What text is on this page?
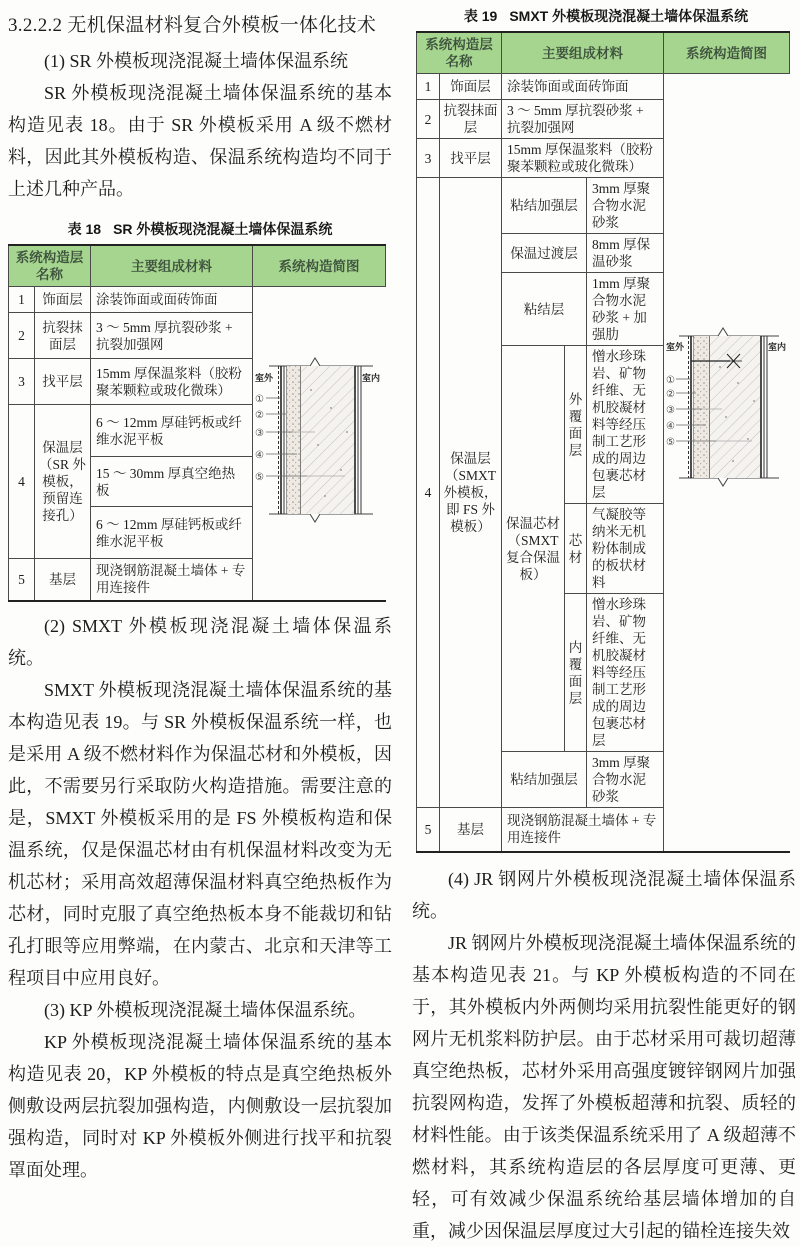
3.2.2.2 无机保温材料复合外模板一体化技术

(1) SR 外模板现浇混凝土墙体保温系统

SR 外模板现浇混凝土墙体保温系统的基本构造见表 18。由于 SR 外模板采用 A 级不燃材料，因此其外模板构造、保温系统构造均不同于上述几种产品。

表 18 SR 外模板现浇混凝土墙体保温系统
系统构造层名称		主要组成材料	系统构造简图
1	饰面层	涂装饰面或面砖饰面	
室外	室内
①
②
③
④
⑤

2	抗裂抹面层	3 ～ 5mm 厚抗裂砂浆 + 抗裂加强网	
3	找平层	15mm 厚保温浆料（胶粉聚苯颗粒或玻化微珠）	
4	保温层（SR 外模板，预留连接孔）	6 ～ 12mm 厚硅钙板或纤维水泥平板	
		15 ～ 30mm 厚真空绝热板	
		6 ～ 12mm 厚硅钙板或纤维水泥平板	
5	基层	现浇钢筋混凝土墙体 + 专用连接件	

(2) SMXT 外模板现浇混凝土墙体保温系统。

SMXT 外模板现浇混凝土墙体保温系统的基本构造见表 19。与 SR 外模板保温系统一样，也是采用 A 级不燃材料作为保温芯材和外模板，因此，不需要另行采取防火构造措施。需要注意的是，SMXT 外模板采用的是 FS 外模板构造和保温系统，仅是保温芯材由有机保温材料改变为无机芯材；采用高效超薄保温材料真空绝热板作为芯材，同时克服了真空绝热板本身不能裁切和钻孔打眼等应用弊端，在内蒙古、北京和天津等工程项目中应用良好。

(3) KP 外模板现浇混凝土墙体保温系统。

KP 外模板现浇混凝土墙体保温系统的基本构造见表 20，KP 外模板的特点是真空绝热板外侧敷设两层抗裂加强构造，内侧敷设一层抗裂加强构造，同时对 KP 外模板外侧进行找平和抗裂罩面处理。

表 19 SMXT 外模板现浇混凝土墙体保温系统
系统构造层名称		主要组成材料			系统构造简图
1	饰面层	涂装饰面或面砖饰面	
室外	室内
①
②
③
④
⑤

2	抗裂抹面层	3 ～ 5mm 厚抗裂砂浆 + 抗裂加强网			
3	找平层	15mm 厚保温浆料（胶粉聚苯颗粒或玻化微珠）			
4	保温层（SMXT 外模板，即 FS 外模板）	粘结加强层		3mm 厚聚合物水泥砂浆	
		保温过渡层		8mm 厚保温砂浆	
		粘结层		1mm 厚聚合物水泥砂浆 + 加强肋	
		保温芯材（SMXT 复合保温板）	外覆面层	憎水珍珠岩、矿物纤维、无机胶凝材料等经压制工艺形成的周边包裹芯材层	
			芯材	气凝胶等纳米无机粉体制成的板状材料	
			内覆面层	憎水珍珠岩、矿物纤维、无机胶凝材料等经压制工艺形成的周边包裹芯材层	
		粘结加强层		3mm 厚聚合物水泥砂浆	
5	基层	现浇钢筋混凝土墙体 + 专用连接件			

(4) JR 钢网片外模板现浇混凝土墙体保温系统。

JR 钢网片外模板现浇混凝土墙体保温系统的基本构造见表 21。与 KP 外模板构造的不同在于，其外模板内外两侧均采用抗裂性能更好的钢网片无机浆料防护层。由于芯材采用可裁切超薄真空绝热板，芯材外采用高强度镀锌钢网片加强抗裂网构造，发挥了外模板超薄和抗裂、质轻的材料性能。由于该类保温系统采用了 A 级超薄不燃材料，其系统构造层的各层厚度可更薄、更轻，可有效减少保温系统给基层墙体增加的自重，减少因保温层厚度过大引起的锚栓连接失效
